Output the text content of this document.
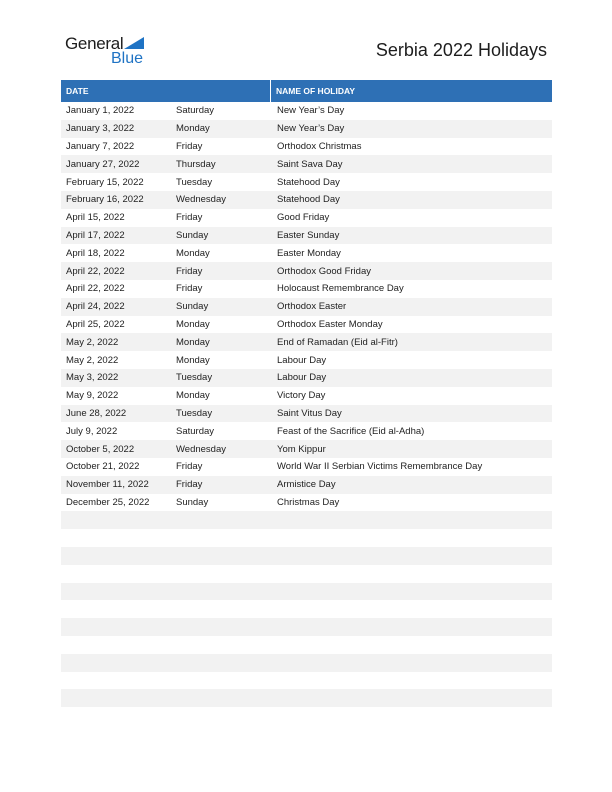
General
Blue	Serbia 2022 Holidays
DATE	NAME OF HOLIDAY
January 1, 2022	Saturday	New Year’s Day
January 3, 2022	Monday	New Year’s Day
January 7, 2022	Friday	Orthodox Christmas
January 27, 2022	Thursday	Saint Sava Day
February 15, 2022	Tuesday	Statehood Day
February 16, 2022	Wednesday	Statehood Day
April 15, 2022	Friday	Good Friday
April 17, 2022	Sunday	Easter Sunday
April 18, 2022	Monday	Easter Monday
April 22, 2022	Friday	Orthodox Good Friday
April 22, 2022	Friday	Holocaust Remembrance Day
April 24, 2022	Sunday	Orthodox Easter
April 25, 2022	Monday	Orthodox Easter Monday
May 2, 2022	Monday	End of Ramadan (Eid al-Fitr)
May 2, 2022	Monday	Labour Day
May 3, 2022	Tuesday	Labour Day
May 9, 2022	Monday	Victory Day
June 28, 2022	Tuesday	Saint Vitus Day
July 9, 2022	Saturday	Feast of the Sacrifice (Eid al-Adha)
October 5, 2022	Wednesday	Yom Kippur
October 21, 2022	Friday	World War II Serbian Victims Remembrance Day
November 11, 2022	Friday	Armistice Day
December 25, 2022	Sunday	Christmas Day
